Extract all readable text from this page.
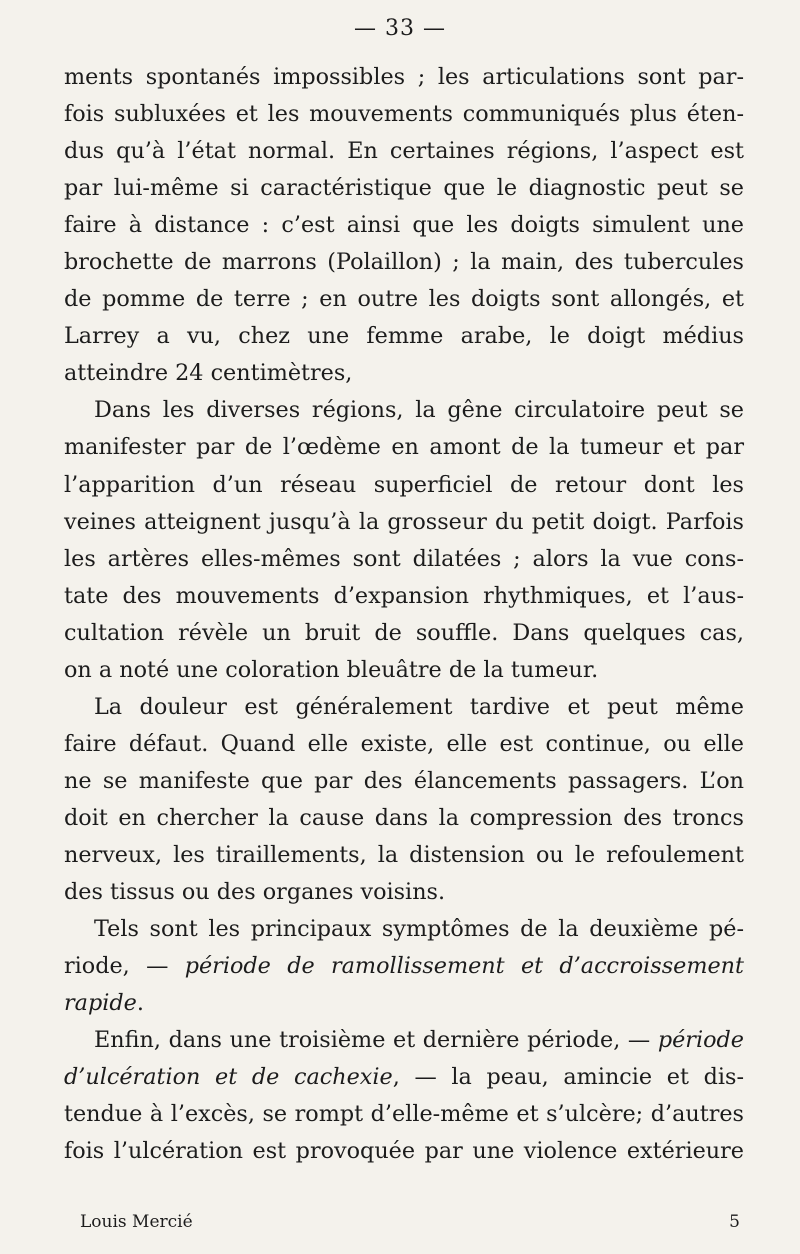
— 33 —
ments spontanés impossibles ; les articulations sont par-
fois subluxées et les mouvements communiqués plus éten-
dus qu’à l’état normal. En certaines régions, l’aspect est
par lui-même si caractéristique que le diagnostic peut se
faire à distance : c’est ainsi que les doigts simulent une
brochette de marrons (Polaillon) ; la main, des tubercules
de pomme de terre ; en outre les doigts sont allongés, et
Larrey a vu, chez une femme arabe, le doigt médius
atteindre 24 centimètres,
Dans les diverses régions, la gêne circulatoire peut se
manifester par de l’œdème en amont de la tumeur et par
l’apparition d’un réseau superficiel de retour dont les
veines atteignent jusqu’à la grosseur du petit doigt. Parfois
les artères elles-mêmes sont dilatées ; alors la vue cons-
tate des mouvements d’expansion rhythmiques, et l’aus-
cultation révèle un bruit de souffle. Dans quelques cas,
on a noté une coloration bleuâtre de la tumeur.
La douleur est généralement tardive et peut même
faire défaut. Quand elle existe, elle est continue, ou elle
ne se manifeste que par des élancements passagers. L’on
doit en chercher la cause dans la compression des troncs
nerveux, les tiraillements, la distension ou le refoulement
des tissus ou des organes voisins.
Tels sont les principaux symptômes de la deuxième pé-
riode, — période de ramollissement et d’accroissement
rapide.
Enfin, dans une troisième et dernière période, — période
d’ulcération et de cachexie, — la peau, amincie et dis-
tendue à l’excès, se rompt d’elle-même et s’ulcère; d’autres
fois l’ulcération est provoquée par une violence extérieure
Louis Mercié	5
